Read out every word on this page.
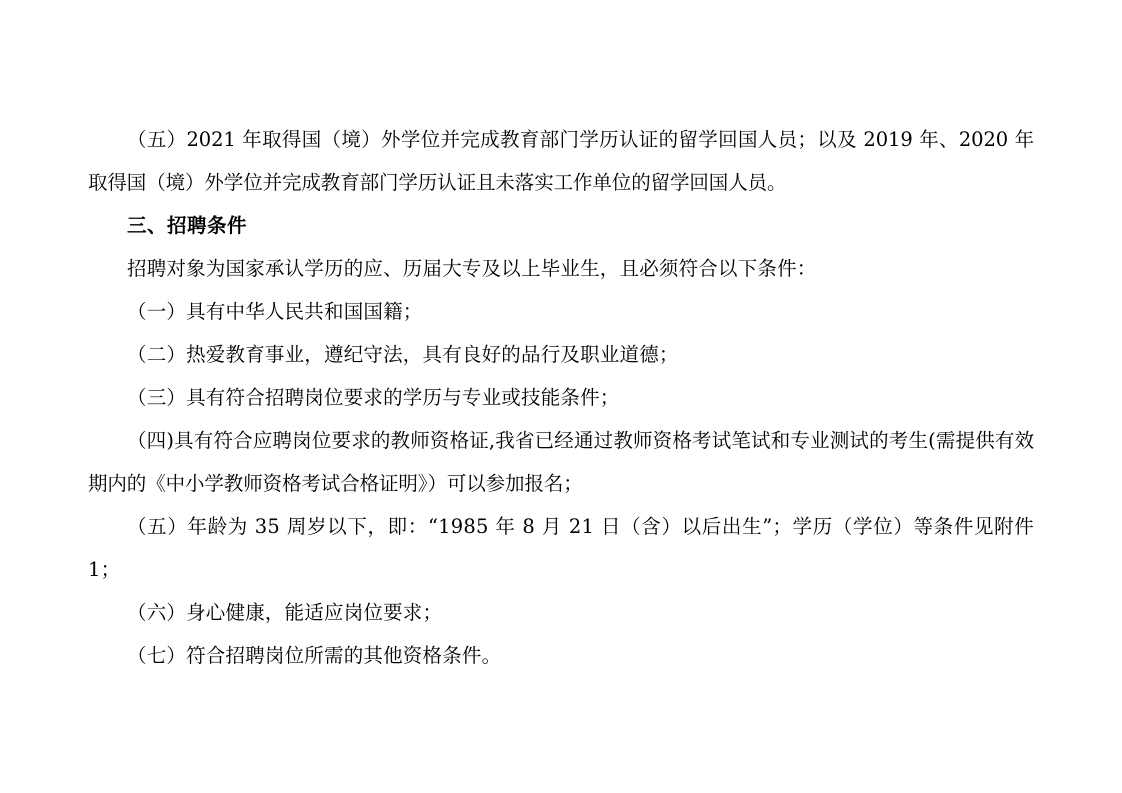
（五）2021 年取得国（境）外学位并完成教育部门学历认证的留学回国人员；以及 2019 年、2020 年取得国（境）外学位并完成教育部门学历认证且未落实工作单位的留学回国人员。

三、招聘条件

招聘对象为国家承认学历的应、历届大专及以上毕业生，且必须符合以下条件：

（一）具有中华人民共和国国籍；

（二）热爱教育事业，遵纪守法，具有良好的品行及职业道德；

（三）具有符合招聘岗位要求的学历与专业或技能条件；

（四)具有符合应聘岗位要求的教师资格证,我省已经通过教师资格考试笔试和专业测试的考生(需提供有效期内的《中小学教师资格考试合格证明》）可以参加报名；

（五）年龄为 35 周岁以下，即：“1985 年 8 月 21 日（含）以后出生”；学历（学位）等条件见附件 1；

（六）身心健康，能适应岗位要求；

（七）符合招聘岗位所需的其他资格条件。
